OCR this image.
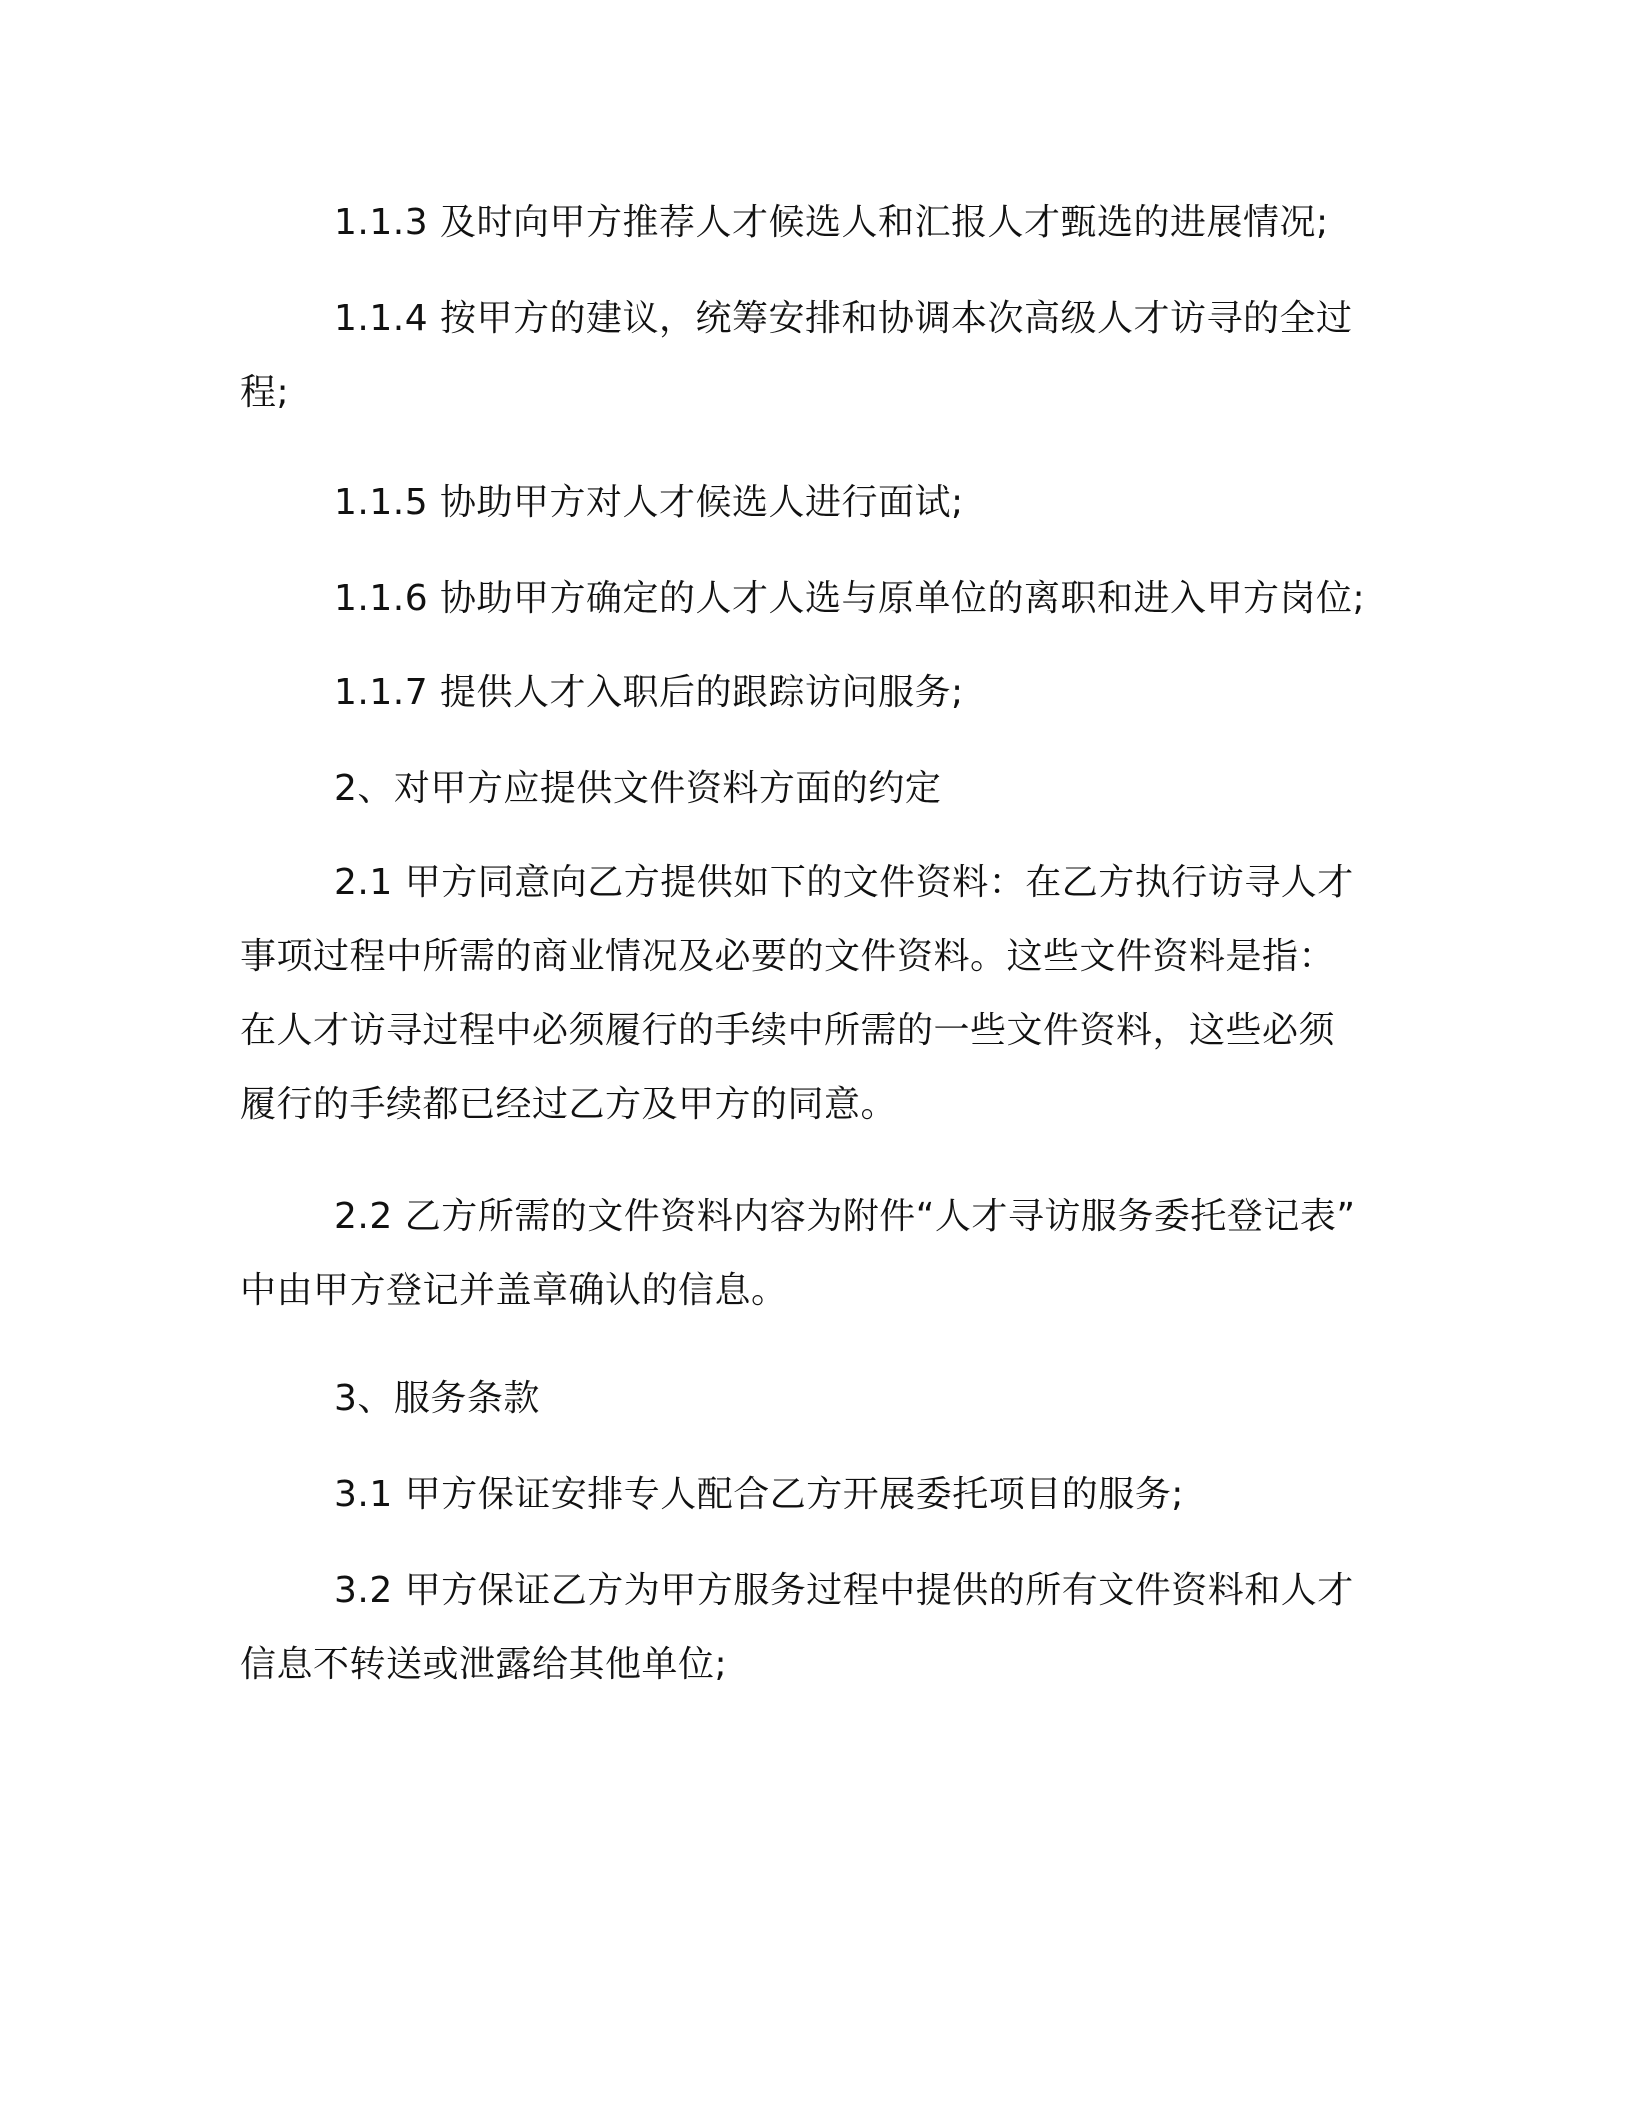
1.1.3 及时向甲方推荐人才候选人和汇报人才甄选的进展情况;
1.1.4 按甲方的建议，统筹安排和协调本次高级人才访寻的全过
程;
1.1.5 协助甲方对人才候选人进行面试;
1.1.6 协助甲方确定的人才人选与原单位的离职和进入甲方岗位;
1.1.7 提供人才入职后的跟踪访问服务;
2、对甲方应提供文件资料方面的约定
2.1 甲方同意向乙方提供如下的文件资料：在乙方执行访寻人才
事项过程中所需的商业情况及必要的文件资料。这些文件资料是指：
在人才访寻过程中必须履行的手续中所需的一些文件资料，这些必须
履行的手续都已经过乙方及甲方的同意。
2.2 乙方所需的文件资料内容为附件“人才寻访服务委托登记表”
中由甲方登记并盖章确认的信息。
3、服务条款
3.1 甲方保证安排专人配合乙方开展委托项目的服务;
3.2 甲方保证乙方为甲方服务过程中提供的所有文件资料和人才
信息不转送或泄露给其他单位;
